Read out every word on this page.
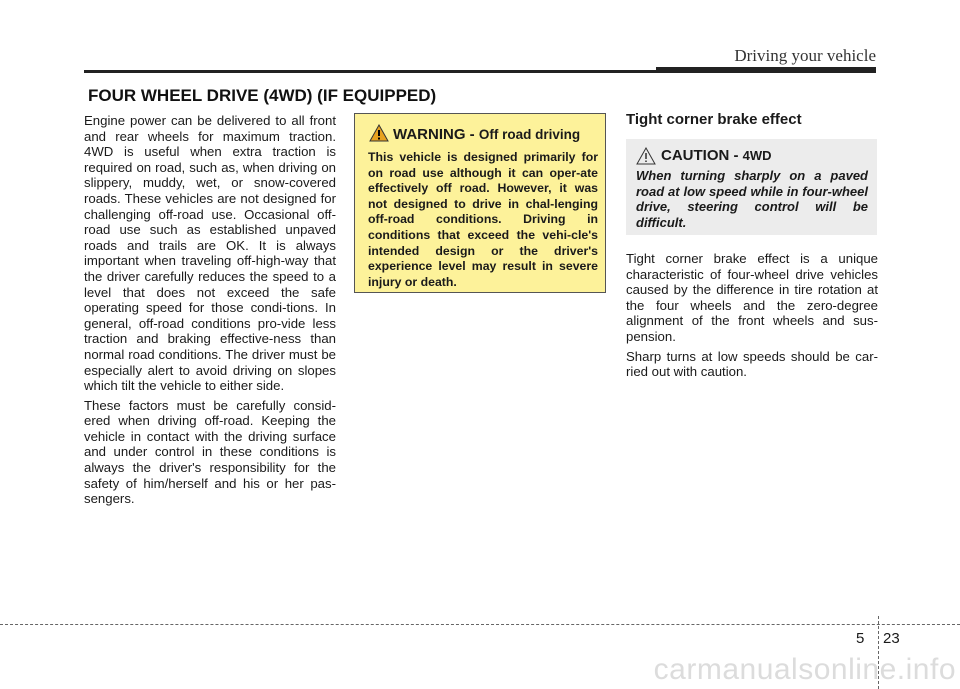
Driving your vehicle
FOUR WHEEL DRIVE (4WD) (IF EQUIPPED)

Engine power can be delivered to all front and rear wheels for maximum traction. 4WD is useful when extra traction is required on road, such as, when driving on slippery, muddy, wet, or snow-covered roads. These vehicles are not designed for challenging off-road use. Occasional off-road use such as established unpaved roads and trails are OK. It is always important when traveling off-high-way that the driver carefully reduces the speed to a level that does not exceed the safe operating speed for those condi-tions. In general, off-road conditions pro-vide less traction and braking effective-ness than normal road conditions. The driver must be especially alert to avoid driving on slopes which tilt the vehicle to either side.

These factors must be carefully consid-ered when driving off-road. Keeping the vehicle in contact with the driving surface and under control in these conditions is always the driver's responsibility for the safety of him/herself and his or her pas-sengers.

WARNING - Off road driving
This vehicle is designed primarily for on road use although it can oper-ate effectively off road. However, it was not designed to drive in chal-lenging off-road conditions. Driving in conditions that exceed the vehi-cle's intended design or the driver's experience level may result in severe injury or death.
Tight corner brake effect
CAUTION - 4WD
When turning sharply on a paved road at low speed while in four-wheel drive, steering control will be difficult.

Tight corner brake effect is a unique characteristic of four-wheel drive vehicles caused by the difference in tire rotation at the four wheels and the zero-degree alignment of the front wheels and sus-pension.

Sharp turns at low speeds should be car-ried out with caution.

5 23
carmanualsonline.info
